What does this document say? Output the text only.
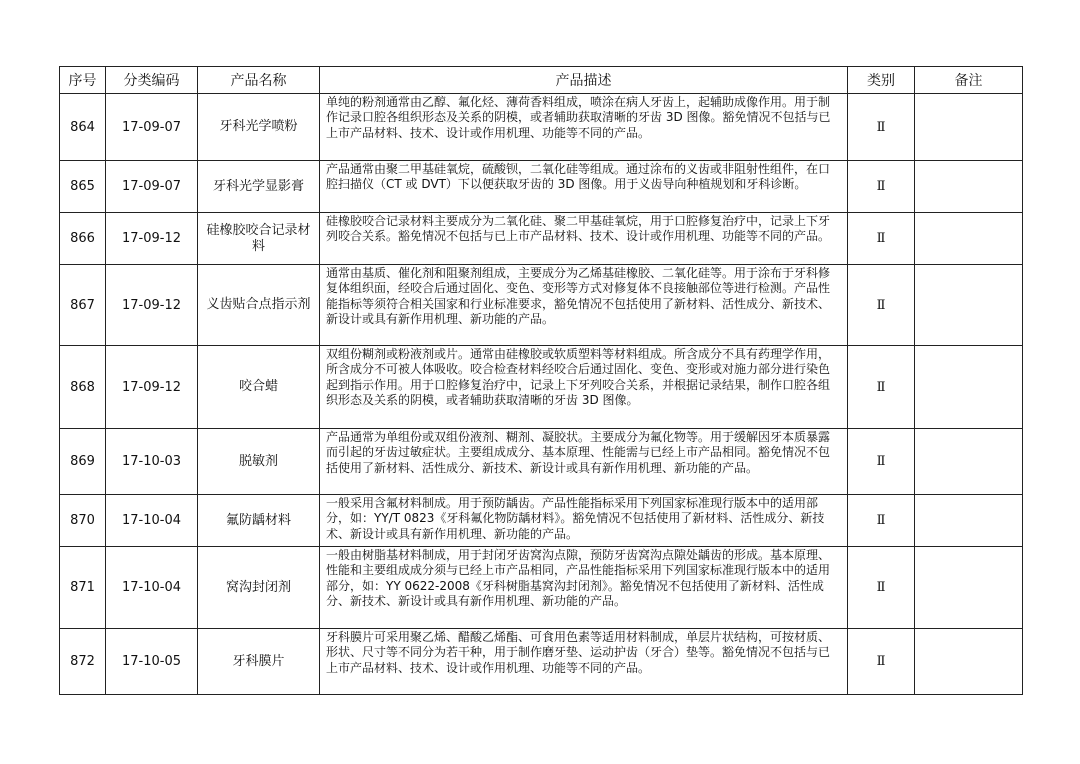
序号	分类编码	产品名称	产品描述	类别	备注
864	17-09-07	牙科光学喷粉	单纯的粉剂通常由乙醇、氟化烃、薄荷香料组成，喷涂在病人牙齿上，起辅助成像作用。用于制作记录口腔各组织形态及关系的阴模，或者辅助获取清晰的牙齿 3D 图像。豁免情况不包括与已上市产品材料、技术、设计或作用机理、功能等不同的产品。	Ⅱ	
865	17-09-07	牙科光学显影膏	产品通常由聚二甲基硅氧烷，硫酸钡，二氧化硅等组成。通过涂布的义齿或非阻射性组件，在口腔扫描仪（CT 或 DVT）下以便获取牙齿的 3D 图像。用于义齿导向种植规划和牙科诊断。	Ⅱ	
866	17-09-12	硅橡胶咬合记录材料	硅橡胶咬合记录材料主要成分为二氧化硅、聚二甲基硅氧烷，用于口腔修复治疗中，记录上下牙列咬合关系。豁免情况不包括与已上市产品材料、技术、设计或作用机理、功能等不同的产品。	Ⅱ	
867	17-09-12	义齿贴合点指示剂	通常由基质、催化剂和阻聚剂组成，主要成分为乙烯基硅橡胶、二氧化硅等。用于涂布于牙科修复体组织面，经咬合后通过固化、变色、变形等方式对修复体不良接触部位等进行检测。产品性能指标等须符合相关国家和行业标准要求，豁免情况不包括使用了新材料、活性成分、新技术、新设计或具有新作用机理、新功能的产品。	Ⅱ	
868	17-09-12	咬合蜡	双组份糊剂或粉液剂或片。通常由硅橡胶或软质塑料等材料组成。所含成分不具有药理学作用，所含成分不可被人体吸收。咬合检查材料经咬合后通过固化、变色、变形或对施力部分进行染色起到指示作用。用于口腔修复治疗中，记录上下牙列咬合关系，并根据记录结果，制作口腔各组织形态及关系的阴模，或者辅助获取清晰的牙齿 3D 图像。	Ⅱ	
869	17-10-03	脱敏剂	产品通常为单组份或双组份液剂、糊剂、凝胶状。主要成分为氟化物等。用于缓解因牙本质暴露而引起的牙齿过敏症状。主要组成成分、基本原理、性能需与已经上市产品相同。豁免情况不包括使用了新材料、活性成分、新技术、新设计或具有新作用机理、新功能的产品。	Ⅱ	
870	17-10-04	氟防龋材料	一般采用含氟材料制成。用于预防龋齿。产品性能指标采用下列国家标准现行版本中的适用部分，如：YY/T 0823《牙科氟化物防龋材料》。豁免情况不包括使用了新材料、活性成分、新技术、新设计或具有新作用机理、新功能的产品。	Ⅱ	
871	17-10-04	窝沟封闭剂	一般由树脂基材料制成，用于封闭牙齿窝沟点隙，预防牙齿窝沟点隙处龋齿的形成。基本原理、性能和主要组成成分须与已经上市产品相同，产品性能指标采用下列国家标准现行版本中的适用部分，如：YY 0622-2008《牙科树脂基窝沟封闭剂》。豁免情况不包括使用了新材料、活性成分、新技术、新设计或具有新作用机理、新功能的产品。	Ⅱ	
872	17-10-05	牙科膜片	牙科膜片可采用聚乙烯、醋酸乙烯酯、可食用色素等适用材料制成，单层片状结构，可按材质、形状、尺寸等不同分为若干种，用于制作磨牙垫、运动护齿（牙合）垫等。豁免情况不包括与已上市产品材料、技术、设计或作用机理、功能等不同的产品。	Ⅱ	
